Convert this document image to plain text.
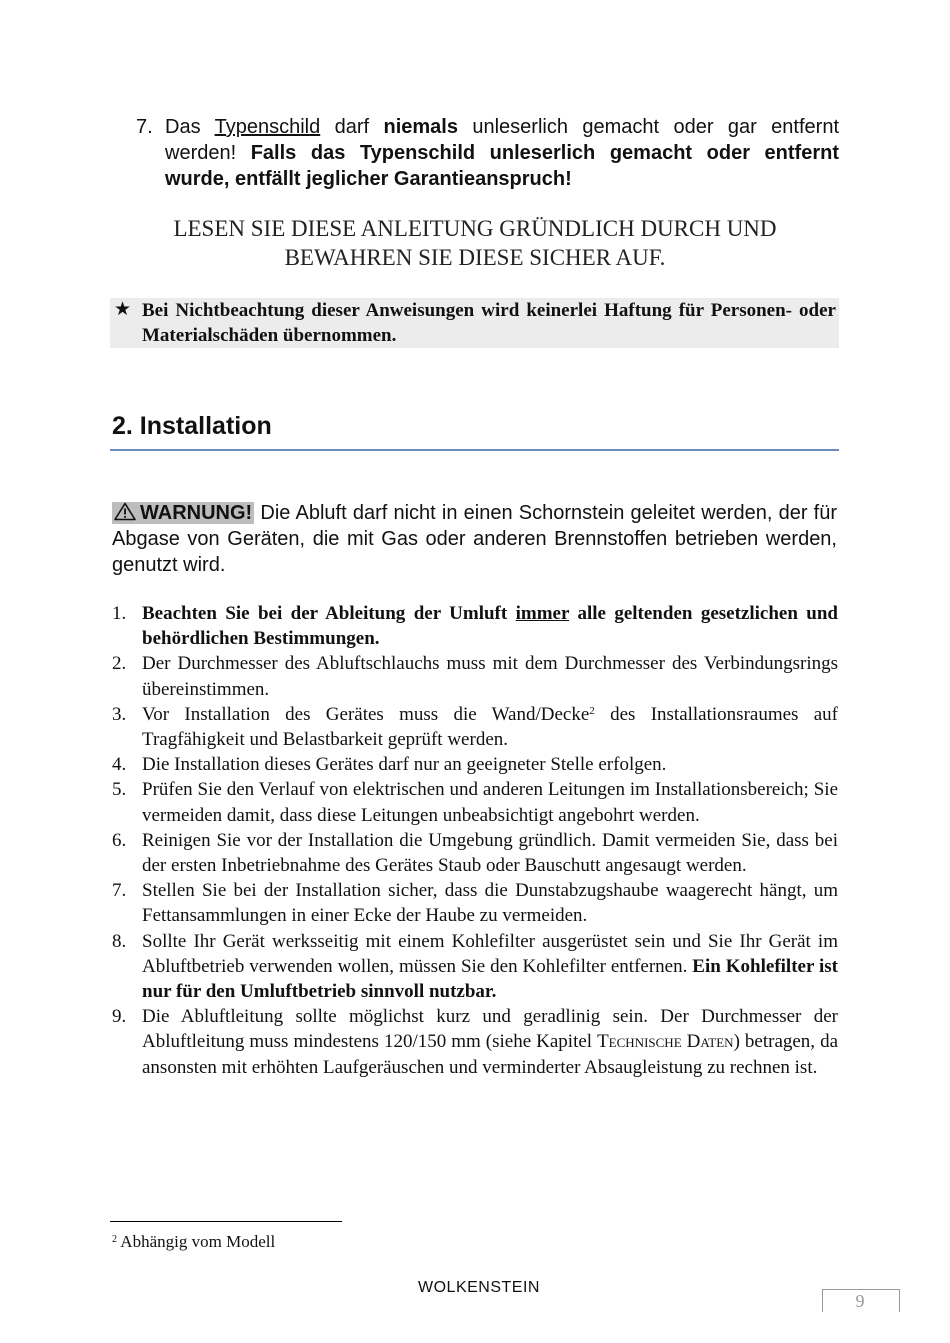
7. Das Typenschild darf niemals unleserlich gemacht oder gar entfernt werden! Falls das Typenschild unleserlich gemacht oder entfernt wurde, entfällt jeglicher Garantieanspruch!
LESEN SIE DIESE ANLEITUNG GRÜNDLICH DURCH UND
BEWAHREN SIE DIESE SICHER AUF.
★ Bei Nichtbeachtung dieser Anweisungen wird keinerlei Haftung für Personen- oder Materialschäden übernommen.
2. Installation
WARNUNG! Die Abluft darf nicht in einen Schornstein geleitet werden, der für Abgase von Geräten, die mit Gas oder anderen Brennstoffen betrieben werden, genutzt wird.
1. Beachten Sie bei der Ableitung der Umluft immer alle geltenden gesetzlichen und behördlichen Bestimmungen.
2. Der Durchmesser des Abluftschlauchs muss mit dem Durchmesser des Verbindungsrings übereinstimmen.
3. Vor Installation des Gerätes muss die Wand/Decke$^2$ des Installationsraumes auf Tragfähigkeit und Belastbarkeit geprüft werden.
4. Die Installation dieses Gerätes darf nur an geeigneter Stelle erfolgen.
5. Prüfen Sie den Verlauf von elektrischen und anderen Leitungen im Installationsbereich; Sie vermeiden damit, dass diese Leitungen unbeabsichtigt angebohrt werden.
6. Reinigen Sie vor der Installation die Umgebung gründlich. Damit vermeiden Sie, dass bei der ersten Inbetriebnahme des Gerätes Staub oder Bauschutt angesaugt werden.
7. Stellen Sie bei der Installation sicher, dass die Dunstabzugshaube waagerecht hängt, um Fettansammlungen in einer Ecke der Haube zu vermeiden.
8. Sollte Ihr Gerät werksseitig mit einem Kohlefilter ausgerüstet sein und Sie Ihr Gerät im Abluftbetrieb verwenden wollen, müssen Sie den Kohlefilter entfernen. Ein Kohlefilter ist nur für den Umluftbetrieb sinnvoll nutzbar.
9. Die Abluftleitung sollte möglichst kurz und geradlinig sein. Der Durchmesser der Abluftleitung muss mindestens 120/150 mm (siehe Kapitel Technische Daten) betragen, da ansonsten mit erhöhten Laufgeräuschen und verminderter Absaugleistung zu rechnen ist.
$^2$ Abhängig vom Modell
WOLKENSTEIN
9
